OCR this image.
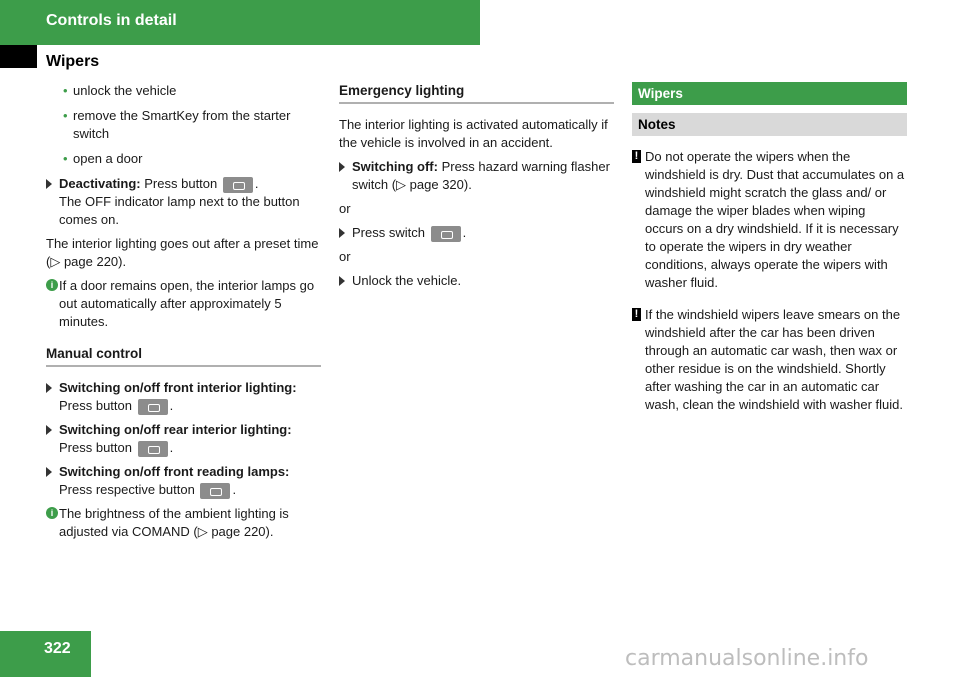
Controls in detail
Wipers
• unlock the vehicle
• remove the SmartKey from the starter switch
• open a door
Deactivating: Press button	.
The OFF indicator lamp next to the button comes on.
The interior lighting goes out after a preset time (▷ page 220).
i If a door remains open, the interior lamps go out automatically after approximately 5 minutes.
Manual control
Switching on/off front interior lighting: Press button	.
Switching on/off rear interior lighting: Press button	.
Switching on/off front reading lamps: Press respective button	.
i The brightness of the ambient lighting is adjusted via COMAND (▷ page 220).
Emergency lighting
The interior lighting is activated automatically if the vehicle is involved in an accident.
Switching off: Press hazard warning flasher switch (▷ page 320).
or
Press switch	.
or
Unlock the vehicle.
Wipers
Notes
! Do not operate the wipers when the windshield is dry. Dust that accumulates on a windshield might scratch the glass and/ or damage the wiper blades when wiping occurs on a dry windshield. If it is necessary to operate the wipers in dry weather conditions, always operate the wipers with washer fluid.
! If the windshield wipers leave smears on the windshield after the car has been driven through an automatic car wash, then wax or other residue is on the windshield. Shortly after washing the car in an automatic car wash, clean the windshield with washer fluid.
322	carmanualsonline.info
